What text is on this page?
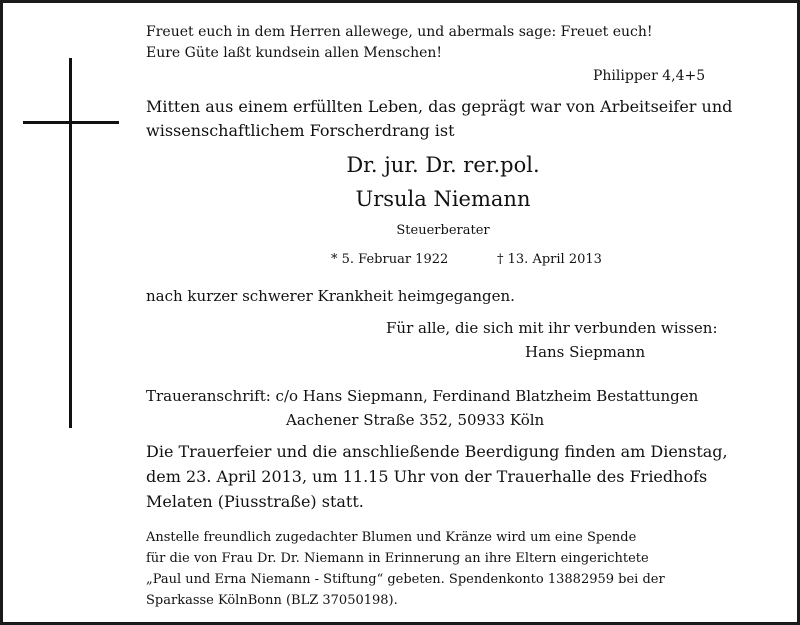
Freuet euch in dem Herren allewege, und abermals sage: Freuet euch!
Eure Güte laßt kundsein allen Menschen!
Philipper 4,4+5
Mitten aus einem erfüllten Leben, das geprägt war von Arbeitseifer und
wissenschaftlichem Forscherdrang ist
Dr. jur. Dr. rer.pol.
Ursula Niemann
Steuerberater
* 5. Februar 1922	† 13. April 2013
nach kurzer schwerer Krankheit heimgegangen.
Für alle, die sich mit ihr verbunden wissen:
Hans Siepmann
Traueranschrift: c/o Hans Siepmann, Ferdinand Blatzheim Bestattungen
Aachener Straße 352, 50933 Köln
Die Trauerfeier und die anschließende Beerdigung finden am Dienstag,
dem 23. April 2013, um 11.15 Uhr von der Trauerhalle des Friedhofs
Melaten (Piusstraße) statt.
Anstelle freundlich zugedachter Blumen und Kränze wird um eine Spende
für die von Frau Dr. Dr. Niemann in Erinnerung an ihre Eltern eingerichtete
„Paul und Erna Niemann - Stiftung“ gebeten. Spendenkonto 13882959 bei der
Sparkasse KölnBonn (BLZ 37050198).
